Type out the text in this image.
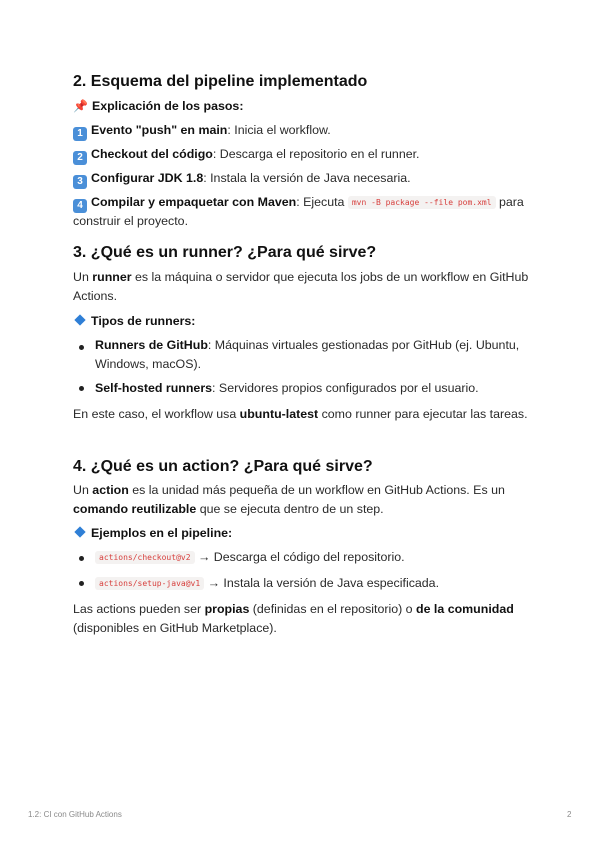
2. Esquema del pipeline implementado
📌 Explicación de los pasos:
1 Evento "push" en main: Inicia el workflow.
2 Checkout del código: Descarga el repositorio en el runner.
3 Configurar JDK 1.8: Instala la versión de Java necesaria.
4 Compilar y empaquetar con Maven: Ejecuta mvn -B package --file pom.xml para
construir el proyecto.
3. ¿Qué es un runner? ¿Para qué sirve?
Un runner es la máquina o servidor que ejecuta los jobs de un workflow en GitHub Actions.
Tipos de runners:
Runners de GitHub: Máquinas virtuales gestionadas por GitHub (ej. Ubuntu, Windows, macOS).
Self-hosted runners: Servidores propios configurados por el usuario.
En este caso, el workflow usa ubuntu-latest como runner para ejecutar las tareas.
4. ¿Qué es un action? ¿Para qué sirve?
Un action es la unidad más pequeña de un workflow en GitHub Actions. Es un comando reutilizable que se ejecuta dentro de un step.
Ejemplos en el pipeline:
actions/checkout@v2 → Descarga el código del repositorio.
actions/setup-java@v1 → Instala la versión de Java especificada.
Las actions pueden ser propias (definidas en el repositorio) o de la comunidad (disponibles en GitHub Marketplace).
1.2: CI con GitHub Actions	2
